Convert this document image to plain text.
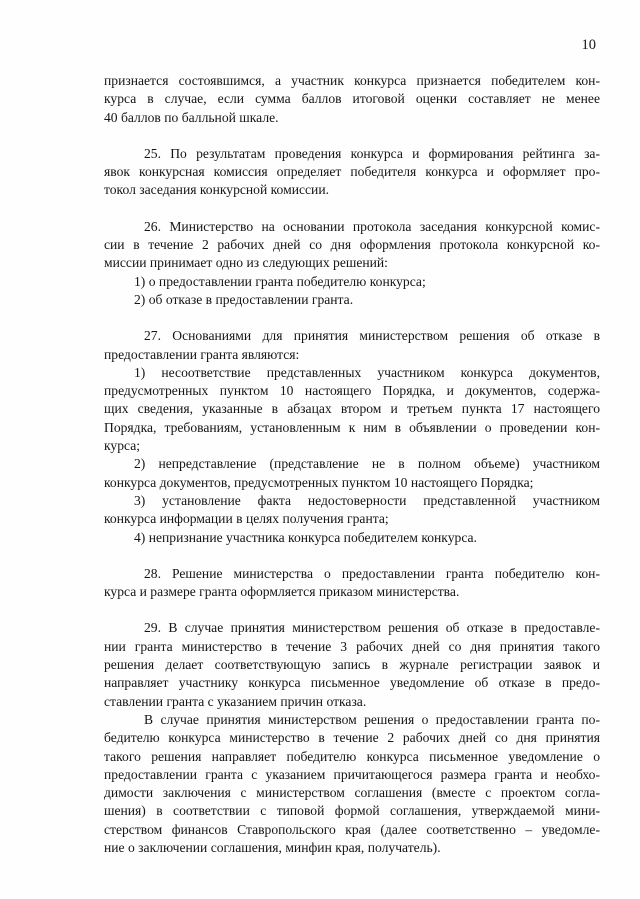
10
признается состоявшимся, а участник конкурса признается победителем кон-
курса в случае, если сумма баллов итоговой оценки составляет не менее
40 баллов по балльной шкале.
25. По результатам проведения конкурса и формирования рейтинга за-
явок конкурсная комиссия определяет победителя конкурса и оформляет про-
токол заседания конкурсной комиссии.
26. Министерство на основании протокола заседания конкурсной комис-
сии в течение 2 рабочих дней со дня оформления протокола конкурсной ко-
миссии принимает одно из следующих решений:
1) о предоставлении гранта победителю конкурса;
2) об отказе в предоставлении гранта.
27. Основаниями для принятия министерством решения об отказе в
предоставлении гранта являются:
1) несоответствие представленных участником конкурса документов,
предусмотренных пунктом 10 настоящего Порядка, и документов, содержа-
щих сведения, указанные в абзацах втором и третьем пункта 17 настоящего
Порядка, требованиям, установленным к ним в объявлении о проведении кон-
курса;
2) непредставление (представление не в полном объеме) участником
конкурса документов, предусмотренных пунктом 10 настоящего Порядка;
3) установление факта недостоверности представленной участником
конкурса информации в целях получения гранта;
4) непризнание участника конкурса победителем конкурса.
28. Решение министерства о предоставлении гранта победителю кон-
курса и размере гранта оформляется приказом министерства.
29. В случае принятия министерством решения об отказе в предоставле-
нии гранта министерство в течение 3 рабочих дней со дня принятия такого
решения делает соответствующую запись в журнале регистрации заявок и
направляет участнику конкурса письменное уведомление об отказе в предо-
ставлении гранта с указанием причин отказа.
В случае принятия министерством решения о предоставлении гранта по-
бедителю конкурса министерство в течение 2 рабочих дней со дня принятия
такого решения направляет победителю конкурса письменное уведомление о
предоставлении гранта с указанием причитающегося размера гранта и необхо-
димости заключения с министерством соглашения (вместе с проектом согла-
шения) в соответствии с типовой формой соглашения, утверждаемой мини-
стерством финансов Ставропольского края (далее соответственно – уведомле-
ние о заключении соглашения, минфин края, получатель).
